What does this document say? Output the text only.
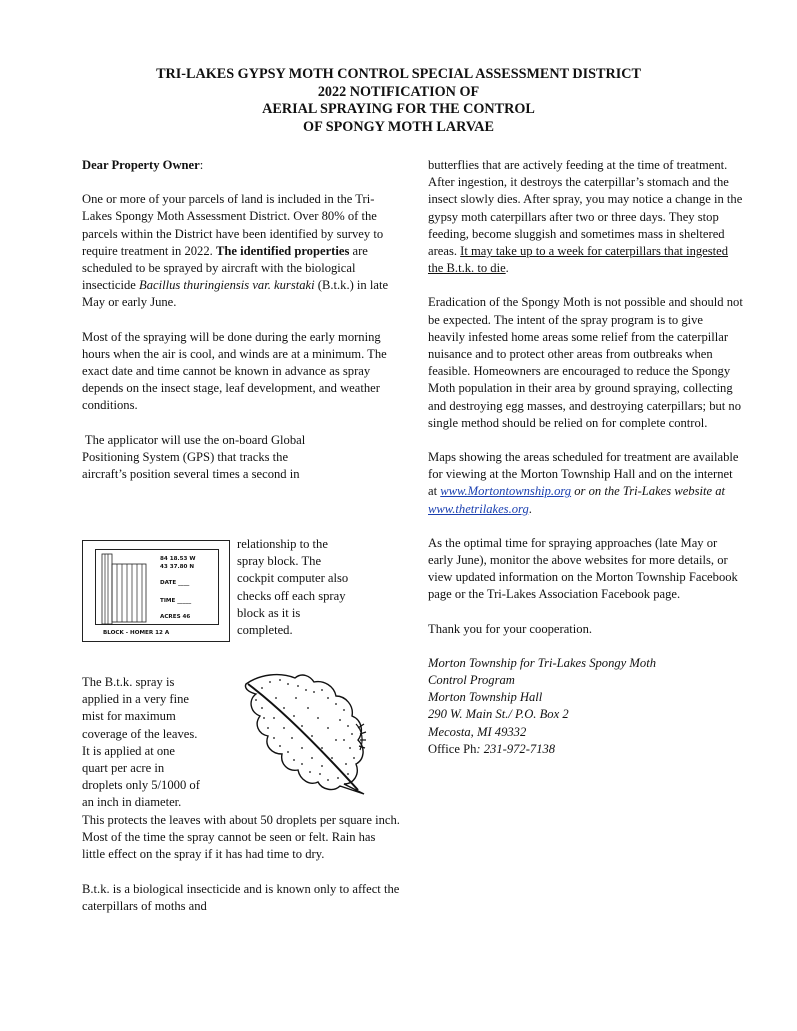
TRI-LAKES GYPSY MOTH CONTROL SPECIAL ASSESSMENT DISTRICT
2022 NOTIFICATION OF
AERIAL SPRAYING FOR THE CONTROL
OF SPONGY MOTH LARVAE

Dear Property Owner:

One or more of your parcels of land is included in the Tri-Lakes Spongy Moth Assessment District. Over 80% of the parcels within the District have been identified by survey to require treatment in 2022. The identified properties are scheduled to be sprayed by aircraft with the biological insecticide Bacillus thuringiensis var. kurstaki (B.t.k.) in late May or early June.

Most of the spraying will be done during the early morning hours when the air is cool, and winds are at a minimum. The exact date and time cannot be known in advance as spray depends on the insect stage, leaf development, and weather conditions.

The applicator will use the on-board Global

Positioning System (GPS) that tracks the

aircraft’s position several times a second in

84 18.53 W
43 37.80 N
DATE ____
TIME _____
ACRES 46
BLOCK - HOMER 12 A

relationship to the

spray block. The

cockpit computer also

checks off each spray

block as it is

completed.

The B.t.k. spray is

applied in a very fine

mist for maximum

coverage of the leaves.

It is applied at one

quart per acre in

droplets only 5/1000 of

an inch in diameter.

This protects the leaves with about 50 droplets per square inch. Most of the time the spray cannot be seen or felt. Rain has little effect on the spray if it has had time to dry.

B.t.k. is a biological insecticide and is known only to affect the caterpillars of moths and

butterflies that are actively feeding at the time of treatment. After ingestion, it destroys the caterpillar’s stomach and the insect slowly dies. After spray, you may notice a change in the gypsy moth caterpillars after two or three days. They stop feeding, become sluggish and sometimes mass in sheltered areas. It may take up to a week for caterpillars that ingested the B.t.k. to die.

Eradication of the Spongy Moth is not possible and should not be expected. The intent of the spray program is to give heavily infested home areas some relief from the caterpillar nuisance and to protect other areas from outbreaks when feasible. Homeowners are encouraged to reduce the Spongy Moth population in their area by ground spraying, collecting and destroying egg masses, and destroying caterpillars; but no single method should be relied on for complete control.

Maps showing the areas scheduled for treatment are available for viewing at the Morton Township Hall and on the internet at www.Mortontownship.org or on the Tri-Lakes website at www.thetrilakes.org.

As the optimal time for spraying approaches (late May or early June), monitor the above websites for more details, or view updated information on the Morton Township Facebook page or the Tri-Lakes Association Facebook page.

Thank you for your cooperation.

Morton Township for Tri-Lakes Spongy Moth

Control Program

Morton Township Hall

290 W. Main St./ P.O. Box 2

Mecosta, MI 49332

Office Ph: 231-972-7138
